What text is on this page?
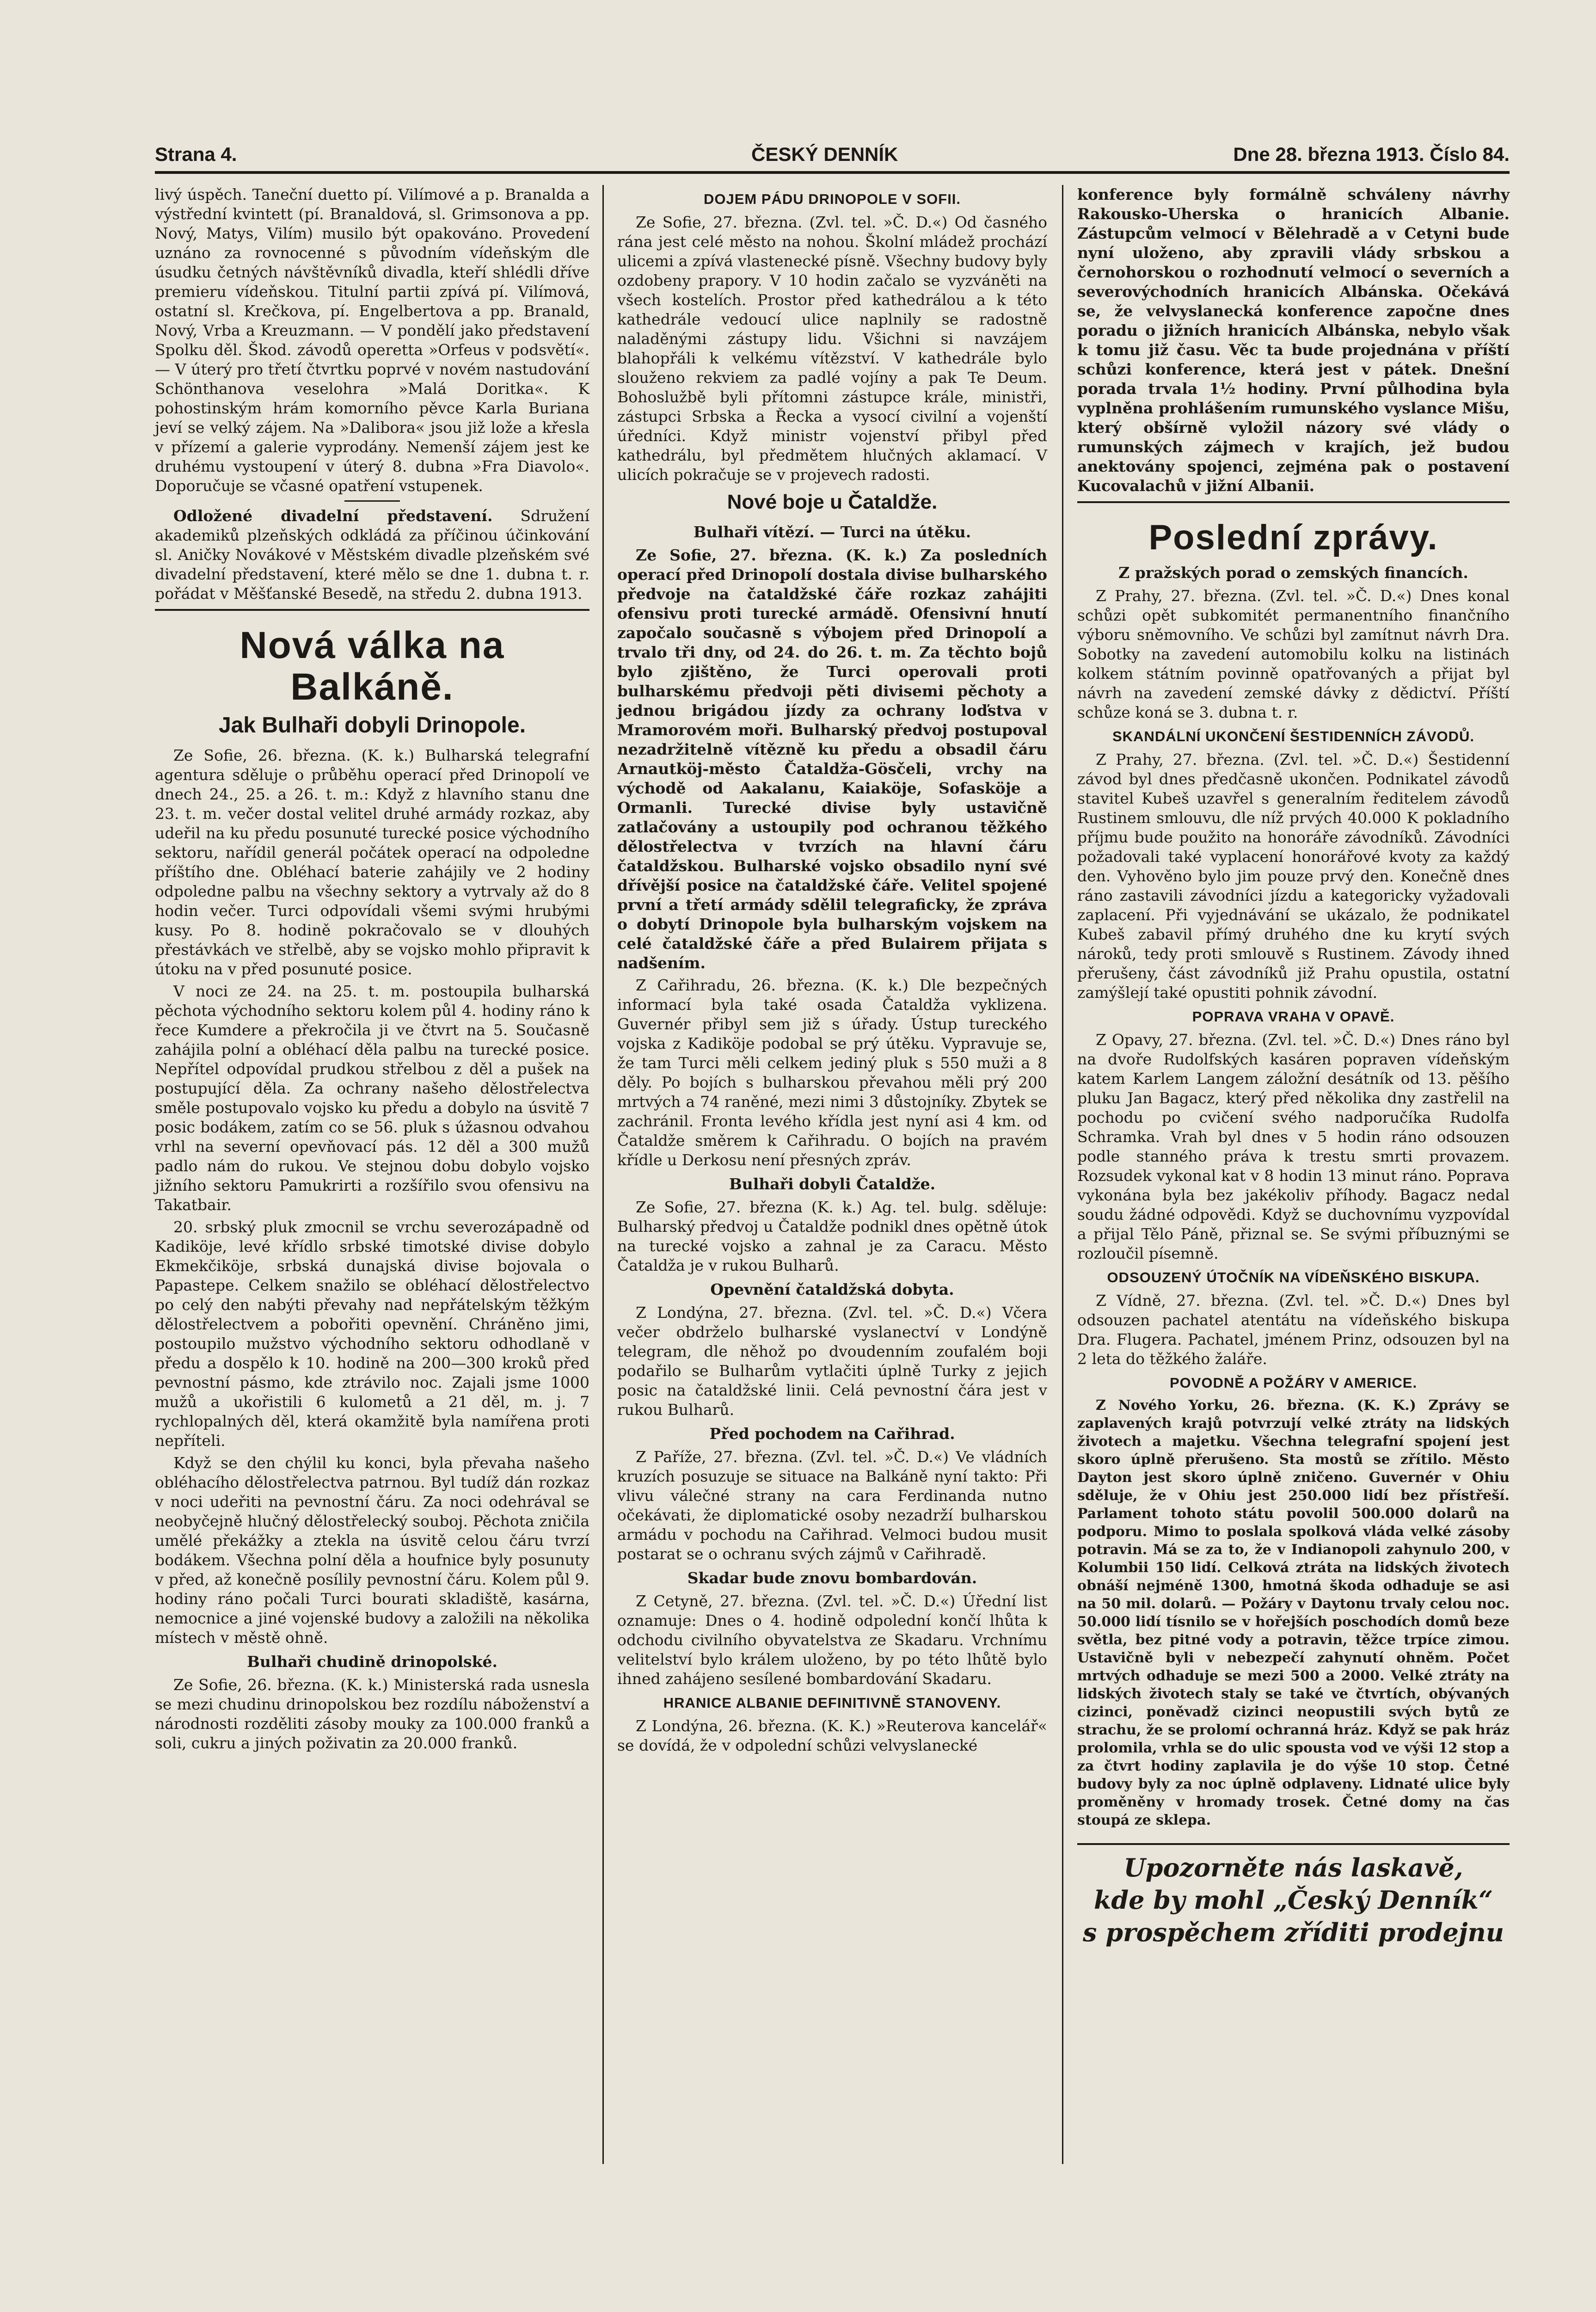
Strana 4.	ČESKÝ DENNÍK	Dne 28. března 1913. Číslo 84.

livý úspěch. Taneční duetto pí. Vilímové a p. Branalda a výstřední kvintett (pí. Branaldová, sl. Grimsonova a pp. Nový, Matys, Vilím) musilo být opakováno. Provedení uznáno za rovnocenné s původním vídeňským dle úsudku četných návštěvníků divadla, kteří shlédli dříve premieru vídeňskou. Titulní partii zpívá pí. Vilímová, ostatní sl. Krečkova, pí. Engelbertova a pp. Branald, Nový, Vrba a Kreuzmann. — V pondělí jako představení Spolku děl. Škod. závodů operetta »Orfeus v podsvětí«. — V úterý pro třetí čtvrtku poprvé v novém nastudování Schönthanova veselohra »Malá Doritka«. K pohostinským hrám komorního pěvce Karla Buriana jeví se velký zájem. Na »Dalibora« jsou již lože a křesla v přízemí a galerie vyprodány. Nemenší zájem jest ke druhému vystoupení v úterý 8. dubna »Fra Diavolo«. Doporučuje se včasné opatření vstupenek.

Odložené divadelní představení. Sdružení akademiků plzeňských odkládá za příčinou účinkování sl. Aničky Novákové v Městském divadle plzeňském své divadelní představení, které mělo se dne 1. dubna t. r. pořádat v Měšťanské Besedě, na středu 2. dubna 1913.

Nová válka na Balkáně.
Jak Bulhaři dobyli Drinopole.

Ze Sofie, 26. března. (K. k.) Bulharská telegrafní agentura sděluje o průběhu operací před Drinopolí ve dnech 24., 25. a 26. t. m.: Když z hlavního stanu dne 23. t. m. večer dostal velitel druhé armády rozkaz, aby udeřil na ku předu posunuté turecké posice východního sektoru, nařídil generál počátek operací na odpoledne příštího dne. Obléhací baterie zahájily ve 2 hodiny odpoledne palbu na všechny sektory a vytrvaly až do 8 hodin večer. Turci odpovídali všemi svými hrubými kusy. Po 8. hodině pokračovalo se v dlouhých přestávkách ve střelbě, aby se vojsko mohlo připravit k útoku na v před posunuté posice.

V noci ze 24. na 25. t. m. postoupila bulharská pěchota východního sektoru kolem půl 4. hodiny ráno k řece Kumdere a překročila ji ve čtvrt na 5. Současně zahájila polní a obléhací děla palbu na turecké posice. Nepřítel odpovídal prudkou střelbou z děl a pušek na postupující děla. Za ochrany našeho dělostřelectva směle postupovalo vojsko ku předu a dobylo na úsvitě 7 posic bodákem, zatím co se 56. pluk s úžasnou odvahou vrhl na severní opevňovací pás. 12 děl a 300 mužů padlo nám do rukou. Ve stejnou dobu dobylo vojsko jižního sektoru Pamukrirti a rozšířilo svou ofensivu na Takatbair.

20. srbský pluk zmocnil se vrchu severozápadně od Kadiköje, levé křídlo srbské timotské divise dobylo Ekmekčiköje, srbská dunajská divise bojovala o Papastepe. Celkem snažilo se obléhací dělostřelectvo po celý den nabýti převahy nad nepřátelským těžkým dělostřelectvem a pobořiti opevnění. Chráněno jimi, postoupilo mužstvo východního sektoru odhodlaně v předu a dospělo k 10. hodině na 200—300 kroků před pevnostní pásmo, kde ztrávilo noc. Zajali jsme 1000 mužů a ukořistili 6 kulometů a 21 děl, m. j. 7 rychlopalných děl, která okamžitě byla namířena proti nepříteli.

Když se den chýlil ku konci, byla převaha našeho obléhacího dělostřelectva patrnou. Byl tudíž dán rozkaz v noci udeřiti na pevnostní čáru. Za noci odehrával se neobyčejně hlučný dělostřelecký souboj. Pěchota zničila umělé překážky a ztekla na úsvitě celou čáru tvrzí bodákem. Všechna polní děla a houfnice byly posunuty v před, až konečně posílily pevnostní čáru. Kolem půl 9. hodiny ráno počali Turci bourati skladiště, kasárna, nemocnice a jiné vojenské budovy a založili na několika místech v městě ohně.

Bulhaři chudině drinopolské.

Ze Sofie, 26. března. (K. k.) Ministerská rada usnesla se mezi chudinu drinopolskou bez rozdílu náboženství a národnosti rozděliti zásoby mouky za 100.000 franků a soli, cukru a jiných poživatin za 20.000 franků.

DOJEM PÁDU DRINOPOLE V SOFII.

Ze Sofie, 27. března. (Zvl. tel. »Č. D.«) Od časného rána jest celé město na nohou. Školní mládež prochází ulicemi a zpívá vlastenecké písně. Všechny budovy byly ozdobeny prapory. V 10 hodin začalo se vyzváněti na všech kostelích. Prostor před kathedrálou a k této kathedrále vedoucí ulice naplnily se radostně naladěnými zástupy lidu. Všichni si navzájem blahopřáli k velkému vítězství. V kathedrále bylo slouženo rekviem za padlé vojíny a pak Te Deum. Bohoslužbě byli přítomni zástupce krále, ministři, zástupci Srbska a Řecka a vysocí civilní a vojenští úředníci. Když ministr vojenství přibyl před kathedrálu, byl předmětem hlučných aklamací. V ulicích pokračuje se v projevech radosti.

Nové boje u Čataldže.
Bulhaři vítězí. — Turci na útěku.

Ze Sofie, 27. března. (K. k.) Za posledních operací před Drinopolí dostala divise bulharského předvoje na čataldžské čáře rozkaz zahájiti ofensivu proti turecké armádě. Ofensivní hnutí započalo současně s výbojem před Drinopolí a trvalo tři dny, od 24. do 26. t. m. Za těchto bojů bylo zjištěno, že Turci operovali proti bulharskému předvoji pěti divisemi pěchoty a jednou brigádou jízdy za ochrany loďstva v Mramorovém moři. Bulharský předvoj postupoval nezadržitelně vítězně ku předu a obsadil čáru Arnautköj-město Čataldža-Gösčeli, vrchy na východě od Aakalanu, Kaiaköje, Sofasköje a Ormanli. Turecké divise byly ustavičně zatlačovány a ustoupily pod ochranou těžkého dělostřelectva v tvrzích na hlavní čáru čataldžskou. Bulharské vojsko obsadilo nyní své dřívější posice na čataldžské čáře. Velitel spojené první a třetí armády sdělil telegraficky, že zpráva o dobytí Drinopole byla bulharským vojskem na celé čataldžské čáře a před Bulairem přijata s nadšením.

Z Cařihradu, 26. března. (K. k.) Dle bezpečných informací byla také osada Čataldža vyklizena. Guvernér přibyl sem již s úřady. Ústup tureckého vojska z Kadiköje podobal se prý útěku. Vypravuje se, že tam Turci měli celkem jediný pluk s 550 muži a 8 děly. Po bojích s bulharskou převahou měli prý 200 mrtvých a 74 raněné, mezi nimi 3 důstojníky. Zbytek se zachránil. Fronta levého křídla jest nyní asi 4 km. od Čataldže směrem k Cařihradu. O bojích na pravém křídle u Derkosu není přesných zpráv.

Bulhaři dobyli Čataldže.

Ze Sofie, 27. března (K. k.) Ag. tel. bulg. sděluje: Bulharský předvoj u Čataldže podnikl dnes opětně útok na turecké vojsko a zahnal je za Caracu. Město Čataldža je v rukou Bulharů.

Opevnění čataldžská dobyta.

Z Londýna, 27. března. (Zvl. tel. »Č. D.«) Včera večer obdrželo bulharské vyslanectví v Londýně telegram, dle něhož po dvoudenním zoufalém boji podařilo se Bulharům vytlačiti úplně Turky z jejich posic na čataldžské linii. Celá pevnostní čára jest v rukou Bulharů.

Před pochodem na Cařihrad.

Z Paříže, 27. března. (Zvl. tel. »Č. D.«) Ve vládních kruzích posuzuje se situace na Balkáně nyní takto: Při vlivu válečné strany na cara Ferdinanda nutno očekávati, že diplomatické osoby nezadrží bulharskou armádu v pochodu na Cařihrad. Velmoci budou musit postarat se o ochranu svých zájmů v Cařihradě.

Skadar bude znovu bombardován.

Z Cetyně, 27. března. (Zvl. tel. »Č. D.«) Úřední list oznamuje: Dnes o 4. hodině odpolední končí lhůta k odchodu civilního obyvatelstva ze Skadaru. Vrchnímu velitelství bylo králem uloženo, by po této lhůtě bylo ihned zahájeno sesílené bombardování Skadaru.

HRANICE ALBANIE DEFINITIVNĚ STANOVENY.

Z Londýna, 26. března. (K. K.) »Reuterova kancelář« se dovídá, že v odpolední schůzi velvyslanecké

konference byly formálně schváleny návrhy Rakousko-Uherska o hranicích Albanie. Zástupcům velmocí v Bělehradě a v Cetyni bude nyní uloženo, aby zpravili vlády srbskou a černohorskou o rozhodnutí velmocí o severních a severovýchodních hranicích Albánska. Očekává se, že velvyslanecká konference započne dnes poradu o jižních hranicích Albánska, nebylo však k tomu již času. Věc ta bude projednána v příští schůzi konference, která jest v pátek. Dnešní porada trvala 1½ hodiny. První půlhodina byla vyplněna prohlášením rumunského vyslance Mišu, který obšírně vyložil názory své vlády o rumunských zájmech v krajích, jež budou anektovány spojenci, zejména pak o postavení Kucovalachů v jižní Albanii.

Poslední zprávy.
Z pražských porad o zemských financích.

Z Prahy, 27. března. (Zvl. tel. »Č. D.«) Dnes konal schůzi opět subkomitét permanentního finančního výboru sněmovního. Ve schůzi byl zamítnut návrh Dra. Sobotky na zavedení automobilu kolku na listinách kolkem státním povinně opatřovaných a přijat byl návrh na zavedení zemské dávky z dědictví. Příští schůze koná se 3. dubna t. r.

SKANDÁLNÍ UKONČENÍ ŠESTIDENNÍCH ZÁVODŮ.

Z Prahy, 27. března. (Zvl. tel. »Č. D.«) Šestidenní závod byl dnes předčasně ukončen. Podnikatel závodů stavitel Kubeš uzavřel s generalním ředitelem závodů Rustinem smlouvu, dle níž prvých 40.000 K pokladního příjmu bude použito na honoráře závodníků. Závodníci požadovali také vyplacení honorářové kvoty za každý den. Vyhověno bylo jim pouze prvý den. Konečně dnes ráno zastavili závodníci jízdu a kategoricky vyžadovali zaplacení. Při vyjednávání se ukázalo, že podnikatel Kubeš zabavil přímý druhého dne ku krytí svých nároků, tedy proti smlouvě s Rustinem. Závody ihned přerušeny, část závodníků již Prahu opustila, ostatní zamýšlejí také opustiti pohnik závodní.

POPRAVA VRAHA V OPAVĚ.

Z Opavy, 27. března. (Zvl. tel. »Č. D.«) Dnes ráno byl na dvoře Rudolfských kasáren popraven vídeňským katem Karlem Langem záložní desátník od 13. pěšího pluku Jan Bagacz, který před několika dny zastřelil na pochodu po cvičení svého nadporučíka Rudolfa Schramka. Vrah byl dnes v 5 hodin ráno odsouzen podle stanného práva k trestu smrti provazem. Rozsudek vykonal kat v 8 hodin 13 minut ráno. Poprava vykonána byla bez jakékoliv příhody. Bagacz nedal soudu žádné odpovědi. Když se duchovnímu vyzpovídal a přijal Tělo Páně, přiznal se. Se svými příbuznými se rozloučil písemně.

ODSOUZENÝ ÚTOČNÍK NA VÍDEŇSKÉHO BISKUPA.

Z Vídně, 27. března. (Zvl. tel. »Č. D.«) Dnes byl odsouzen pachatel atentátu na vídeňského biskupa Dra. Flugera. Pachatel, jménem Prinz, odsouzen byl na 2 leta do těžkého žaláře.

POVODNĚ A POŽÁRY V AMERICE.

Z Nového Yorku, 26. března. (K. K.) Zprávy se zaplavených krajů potvrzují velké ztráty na lidských životech a majetku. Všechna telegrafní spojení jest skoro úplně přerušeno. Sta mostů se zřítilo. Město Dayton jest skoro úplně zničeno. Guvernér v Ohiu sděluje, že v Ohiu jest 250.000 lidí bez přístřeší. Parlament tohoto státu povolil 500.000 dolarů na podporu. Mimo to poslala spolková vláda velké zásoby potravin. Má se za to, že v Indianopoli zahynulo 200, v Kolumbii 150 lidí. Celková ztráta na lidských životech obnáší nejméně 1300, hmotná škoda odhaduje se asi na 50 mil. dolarů. — Požáry v Daytonu trvaly celou noc. 50.000 lidí tísnilo se v hořejších poschodích domů beze světla, bez pitné vody a potravin, těžce trpíce zimou. Ustavičně byli v nebezpečí zahynutí ohněm. Počet mrtvých odhaduje se mezi 500 a 2000. Velké ztráty na lidských životech staly se také ve čtvrtích, obývaných cizinci, poněvadž cizinci neopustili svých bytů ze strachu, že se prolomí ochranná hráz. Když se pak hráz prolomila, vrhla se do ulic spousta vod ve výši 12 stop a za čtvrt hodiny zaplavila je do výše 10 stop. Četné budovy byly za noc úplně odplaveny. Lidnaté ulice byly proměněny v hromady trosek. Četné domy na čas stoupá ze sklepa.

Upozorněte nás laskavě,
kde by mohl „Český Denník“
s prospěchem zříditi prodejnu
